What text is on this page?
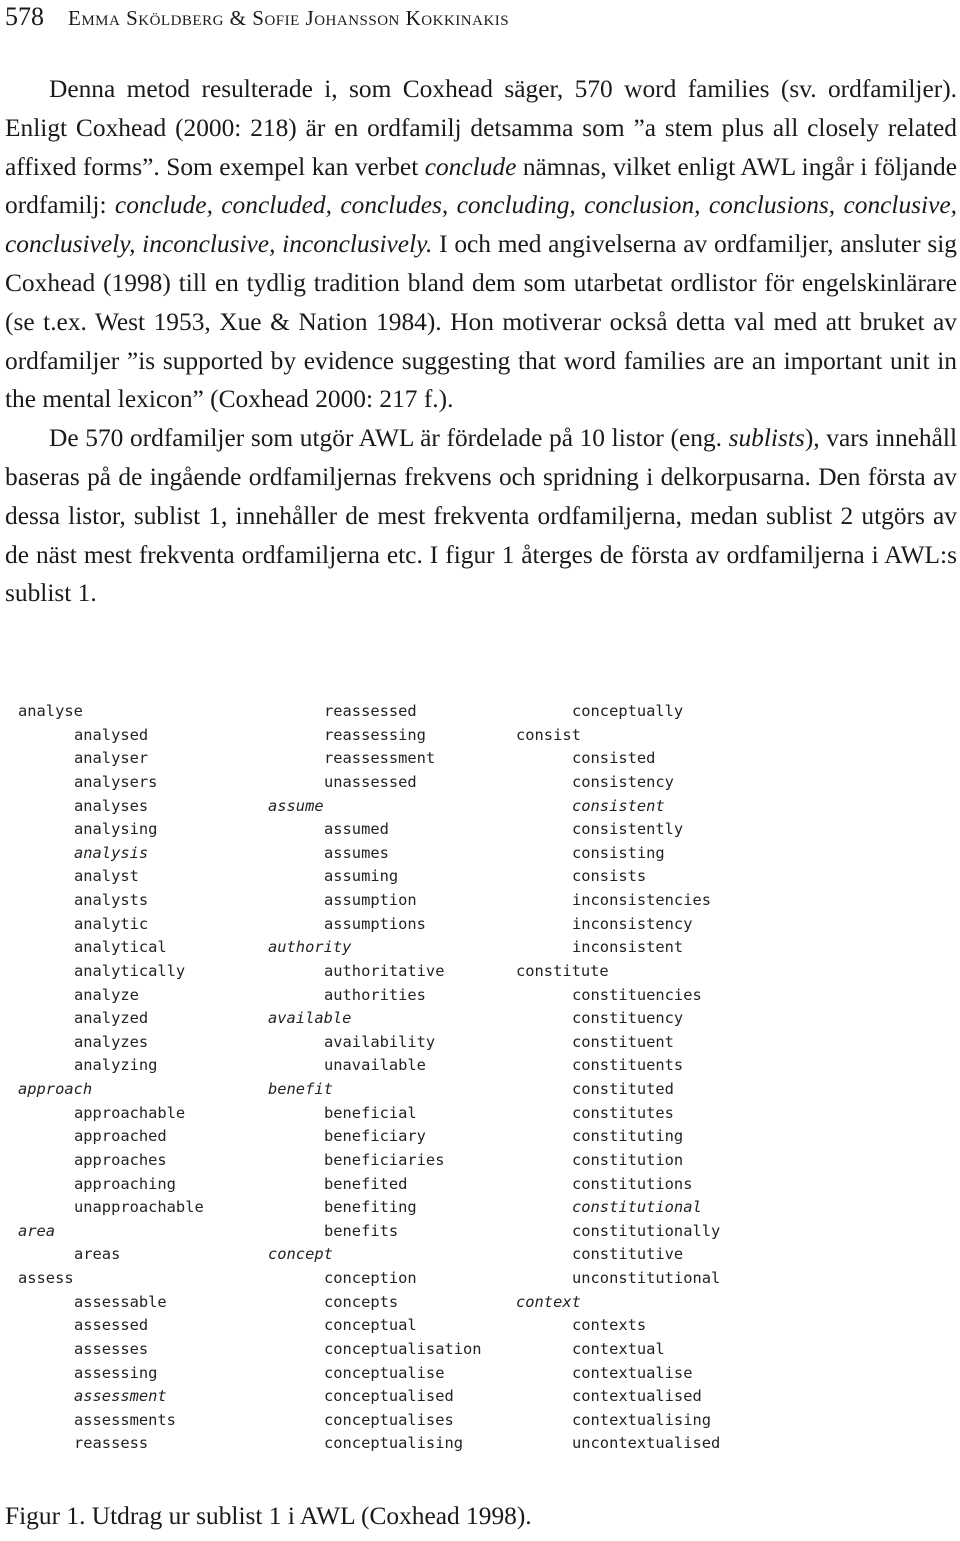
578 Emma Sköldberg & Sofie Johansson Kokkinakis

Denna metod resulterade i, som Coxhead säger, 570 word families (sv. ordfamiljer). Enligt Coxhead (2000: 218) är en ordfamilj detsamma som ”a stem plus all closely related affixed forms”. Som exempel kan verbet conclude nämnas, vilket enligt AWL ingår i följande ordfamilj: conclude, concluded, concludes, concluding, conclusion, conclusions, conclusive, conclusively, inconclusive, inconclusively. I och med angivelserna av ordfamiljer, ansluter sig Coxhead (1998) till en tydlig tradition bland dem som utarbetat ordlistor för engelskinlärare (se t.ex. West 1953, Xue & Nation 1984). Hon motiverar också detta val med att bruket av ordfamiljer ”is supported by evidence suggesting that word families are an important unit in the mental lexicon” (Coxhead 2000: 217 f.).

De 570 ordfamiljer som utgör AWL är fördelade på 10 listor (eng. sublists), vars innehåll baseras på de ingående ordfamiljernas frekvens och spridning i delkorpusarna. Den första av dessa listor, sublist 1, innehåller de mest frekventa ordfamiljerna, medan sublist 2 utgörs av de näst mest frekventa ordfamiljerna etc. I figur 1 återges de första av ordfamiljerna i AWL:s sublist 1.

analyse
analysed
analyser
analysers
analyses
analysing
analysis
analyst
analysts
analytic
analytical
analytically
analyze
analyzed
analyzes
analyzing
approach
approachable
approached
approaches
approaching
unapproachable
area
areas
assess
assessable
assessed
assesses
assessing
assessment
assessments
reassess
reassessed
reassessing
reassessment
unassessed
assume
assumed
assumes
assuming
assumption
assumptions
authority
authoritative
authorities
available
availability
unavailable
benefit
beneficial
beneficiary
beneficiaries
benefited
benefiting
benefits
concept
conception
concepts
conceptual
conceptualisation
conceptualise
conceptualised
conceptualises
conceptualising
conceptually
consist
consisted
consistency
consistent
consistently
consisting
consists
inconsistencies
inconsistency
inconsistent
constitute
constituencies
constituency
constituent
constituents
constituted
constitutes
constituting
constitution
constitutions
constitutional
constitutionally
constitutive
unconstitutional
context
contexts
contextual
contextualise
contextualised
contextualising
uncontextualised
Figur 1. Utdrag ur sublist 1 i AWL (Coxhead 1998).
